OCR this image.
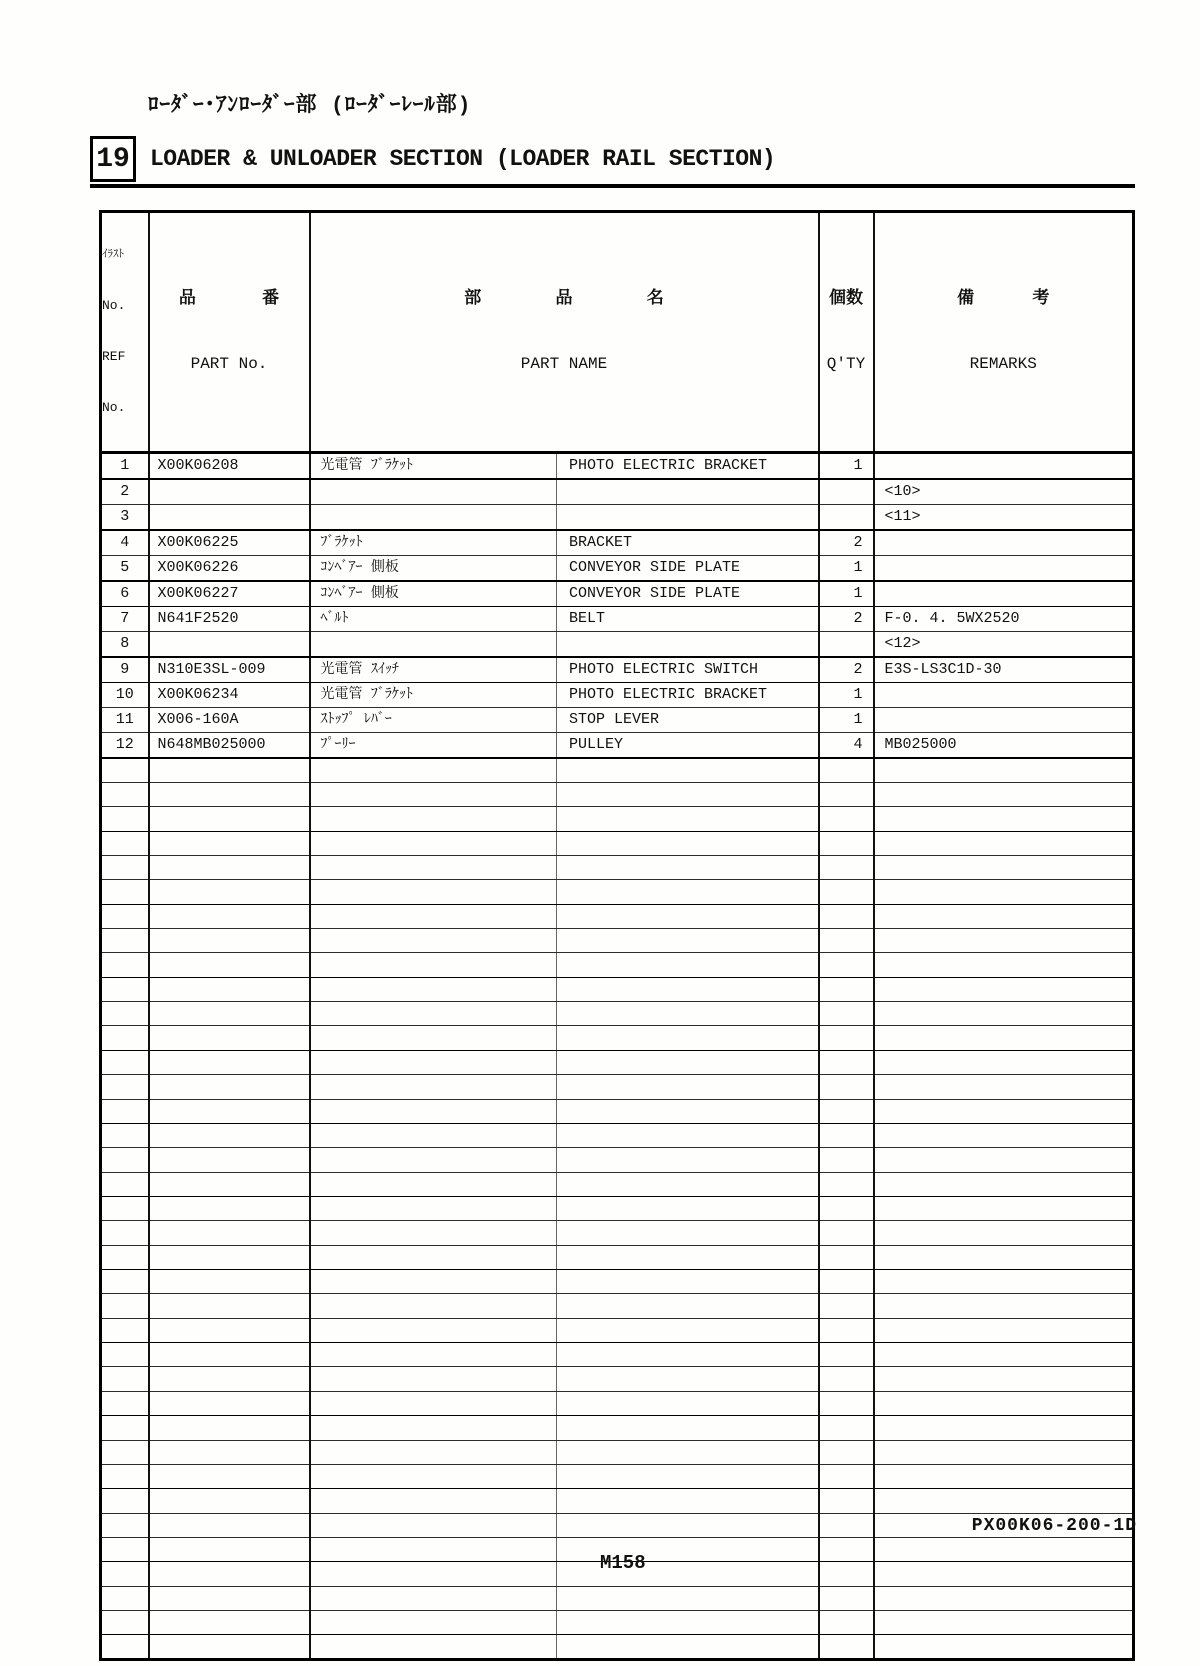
ﾛｰﾀﾞｰ･ｱﾝﾛｰﾀﾞｰ部 (ﾛｰﾀﾞｰﾚｰﾙ部)
19 LOADER & UNLOADER SECTION (LOADER RAIL SECTION)

ｲﾗｽﾄ

No.

REF

No.

品 番

PART No.

部 品 名

PART NAME

個数

Q'TY

備 考

REMARKS

1	X00K06208	光電管 ﾌﾞﾗｹｯﾄ	PHOTO ELECTRIC BRACKET	1	
2					<10>
3					<11>
4	X00K06225	ﾌﾞﾗｹｯﾄ	BRACKET	2	
5	X00K06226	ｺﾝﾍﾞｱｰ 側板	CONVEYOR SIDE PLATE	1	
6	X00K06227	ｺﾝﾍﾞｱｰ 側板	CONVEYOR SIDE PLATE	1	
7	N641F2520	ﾍﾞﾙﾄ	BELT	2	F-0. 4. 5WX2520
8					<12>
9	N310E3SL-009	光電管 ｽｲｯﾁ	PHOTO ELECTRIC SWITCH	2	E3S-LS3C1D-30
10	X00K06234	光電管 ﾌﾞﾗｹｯﾄ	PHOTO ELECTRIC BRACKET	1	
11	X006-160A	ｽﾄｯﾌﾟ ﾚﾊﾞｰ	STOP LEVER	1	
12	N648MB025000	ﾌﾟｰﾘｰ	PULLEY	4	MB025000

PX00K06-200-1D
M158
